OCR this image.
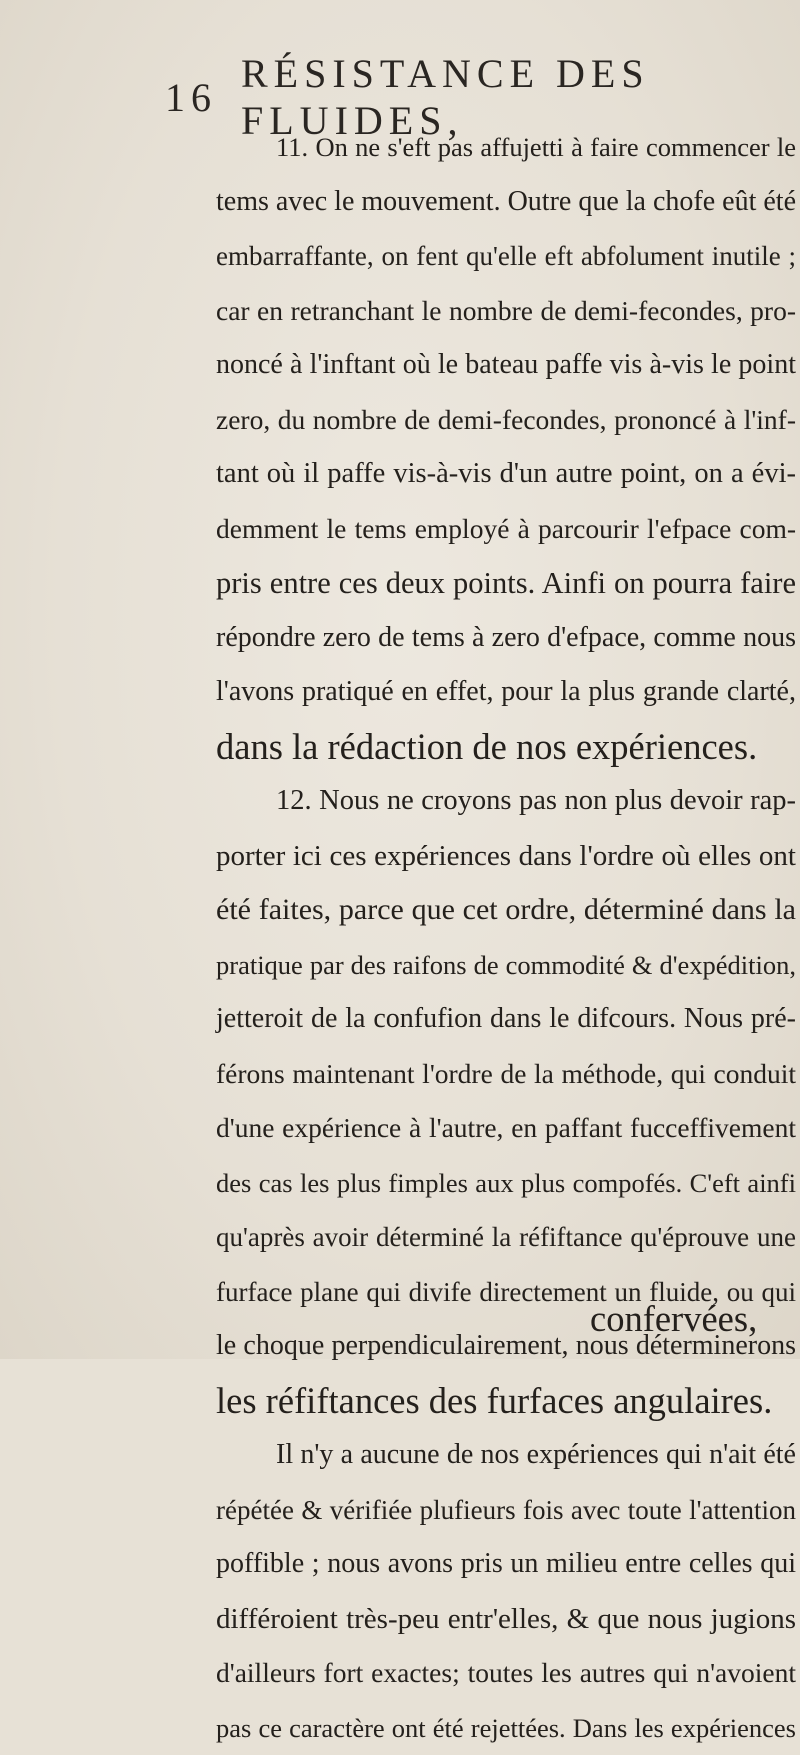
16
RÉSISTANCE DES FLUIDES,
11. On ne s'eft pas affujetti à faire commencer le
tems avec le mouvement. Outre que la chofe eût été
embarraffante, on fent qu'elle eft abfolument inutile ;
car en retranchant le nombre de demi-fecondes, pro-
noncé à l'inftant où le bateau paffe vis à-vis le point
zero, du nombre de demi-fecondes, prononcé à l'inf-
tant où il paffe vis-à-vis d'un autre point, on a évi-
demment le tems employé à parcourir l'efpace com-
pris entre ces deux points. Ainfi on pourra faire
répondre zero de tems à zero d'efpace, comme nous
l'avons pratiqué en effet, pour la plus grande clarté,
dans la rédaction de nos expériences.
12. Nous ne croyons pas non plus devoir rap-
porter ici ces expériences dans l'ordre où elles ont
été faites, parce que cet ordre, déterminé dans la
pratique par des raifons de commodité & d'expédition,
jetteroit de la confufion dans le difcours. Nous pré-
férons maintenant l'ordre de la méthode, qui conduit
d'une expérience à l'autre, en paffant fucceffivement
des cas les plus fimples aux plus compofés. C'eft ainfi
qu'après avoir déterminé la réfiftance qu'éprouve une
furface plane qui divife directement un fluide, ou qui
le choque perpendiculairement, nous déterminerons
les réfiftances des furfaces angulaires.
Il n'y a aucune de nos expériences qui n'ait été
répétée & vérifiée plufieurs fois avec toute l'attention
poffible ; nous avons pris un milieu entre celles qui
différoient très-peu entr'elles, & que nous jugions
d'ailleurs fort exactes; toutes les autres qui n'avoient
pas ce caractère ont été rejettées. Dans les expériences
confervées,
